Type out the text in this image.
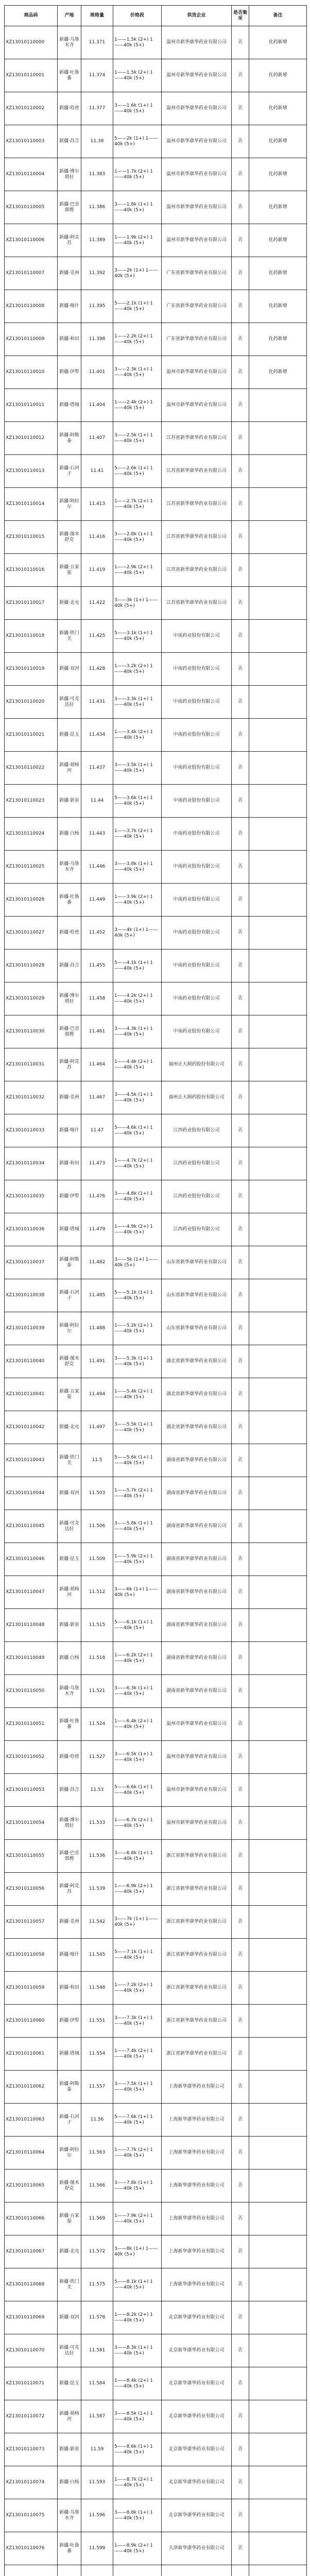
商品码	产地	规格量	价格段	供货企业	是否集采	备注
XZ13010110000	新疆·乌鲁木齐	11.371	1——1.5k (2+) 1——40k (5+)	温州市新华康华药业有限公司	否	化药新增
XZ13010110001	新疆·吐鲁番	11.374	1——1.5k (2+) 1——40k (5+)	温州市新华康华药业有限公司	否	化药新增
XZ13010110002	新疆·哈密	11.377	3——1.6k (1+) 1——40k (5+)	温州市新华康华药业有限公司	否	化药新增
XZ13010110003	新疆·昌吉	11.38	5——2k (1+) 1——40k (5+)	温州市新华康华药业有限公司	否	化药新增
XZ13010110004	新疆·博尔塔拉	11.383	1——1.7k (2+) 1——40k (5+)	温州市新华康华药业有限公司	否	化药新增
XZ13010110005	新疆·巴音郭楞	11.386	3——1.8k (1+) 1——40k (5+)	温州市新华康华药业有限公司	否	化药新增
XZ13010110006	新疆·阿克苏	11.389	1——1.9k (2+) 1——40k (5+)	温州市新华康华药业有限公司	否	化药新增
XZ13010110007	新疆·克州	11.392	3——2k (1+) 1——40k (5+)	广东省新华康华药业有限公司	否	化药新增
XZ13010110008	新疆·喀什	11.395	5——2.1k (1+) 1——40k (5+)	广东省新华康华药业有限公司	否	化药新增
XZ13010110009	新疆·和田	11.398	1——2.2k (2+) 1——40k (5+)	广东省新华康华药业有限公司	否	化药新增
XZ13010110010	新疆·伊犁	11.401	3——2.3k (1+) 1——40k (5+)	温州市新华康华药业有限公司	否	化药新增
XZ13010110011	新疆·塔城	11.404	1——2.4k (2+) 1——40k (5+)	温州市新华康华药业有限公司	否	
XZ13010110012	新疆·阿勒泰	11.407	3——2.5k (1+) 1——40k (5+)	江苏省新华康华药业有限公司	否	
XZ13010110013	新疆·石河子	11.41	5——2.6k (1+) 1——40k (5+)	江苏省新华康华药业有限公司	否	
XZ13010110014	新疆·阿拉尔	11.413	1——2.7k (2+) 1——40k (5+)	江苏省新华康华药业有限公司	否	
XZ13010110015	新疆·图木舒克	11.416	3——2.8k (1+) 1——40k (5+)	江苏省新华康华药业有限公司	否	
XZ13010110016	新疆·五家渠	11.419	1——2.9k (2+) 1——40k (5+)	江苏省新华康华药业有限公司	否	
XZ13010110017	新疆·北屯	11.422	3——3k (1+) 1——40k (5+)	江苏省新华康华药业有限公司	否	
XZ13010110018	新疆·铁门关	11.425	5——3.1k (1+) 1——40k (5+)	中南药业股份有限公司	否	
XZ13010110019	新疆·双河	11.428	1——3.2k (2+) 1——40k (5+)	中南药业股份有限公司	否	
XZ13010110020	新疆·可克达拉	11.431	3——3.3k (1+) 1——40k (5+)	中南药业股份有限公司	否	
XZ13010110021	新疆·昆玉	11.434	1——3.4k (2+) 1——40k (5+)	中南药业股份有限公司	否	
XZ13010110022	新疆·胡杨河	11.437	3——3.5k (1+) 1——40k (5+)	中南药业股份有限公司	否	
XZ13010110023	新疆·新星	11.44	5——3.6k (1+) 1——40k (5+)	中南药业股份有限公司	否	
XZ13010110024	新疆·白杨	11.443	1——3.7k (2+) 1——40k (5+)	中南药业股份有限公司	否	
XZ13010110025	新疆·乌鲁木齐	11.446	3——3.8k (1+) 1——40k (5+)	中南药业股份有限公司	否	
XZ13010110026	新疆·吐鲁番	11.449	1——3.9k (2+) 1——40k (5+)	中南药业股份有限公司	否	
XZ13010110027	新疆·哈密	11.452	3——4k (1+) 1——40k (5+)	中南药业股份有限公司	否	
XZ13010110028	新疆·昌吉	11.455	5——4.1k (1+) 1——40k (5+)	中南药业股份有限公司	否	
XZ13010110029	新疆·博尔塔拉	11.458	1——4.2k (2+) 1——40k (5+)	中南药业股份有限公司	否	
XZ13010110030	新疆·巴音郭楞	11.461	3——4.3k (1+) 1——40k (5+)	中南药业股份有限公司	否	
XZ13010110031	新疆·阿克苏	11.464	1——4.4k (2+) 1——40k (5+)	福州正大制药股份有限公司	否	
XZ13010110032	新疆·克州	11.467	3——4.5k (1+) 1——40k (5+)	福州正大制药股份有限公司	否	
XZ13010110033	新疆·喀什	11.47	5——4.6k (1+) 1——40k (5+)	江西药业股份有限公司	否	
XZ13010110034	新疆·和田	11.473	1——4.7k (2+) 1——40k (5+)	江西药业股份有限公司	否	
XZ13010110035	新疆·伊犁	11.476	3——4.8k (1+) 1——40k (5+)	江西药业股份有限公司	否	
XZ13010110036	新疆·塔城	11.479	1——4.9k (2+) 1——40k (5+)	江西药业股份有限公司	否	
XZ13010110037	新疆·阿勒泰	11.482	3——5k (1+) 1——40k (5+)	山东省新华康华药业有限公司	否	
XZ13010110038	新疆·石河子	11.485	5——5.1k (1+) 1——40k (5+)	山东省新华康华药业有限公司	否	
XZ13010110039	新疆·阿拉尔	11.488	1——5.2k (2+) 1——40k (5+)	山东省新华康华药业有限公司	否	
XZ13010110040	新疆·图木舒克	11.491	3——5.3k (1+) 1——40k (5+)	湖北省新华康华药业有限公司	否	
XZ13010110041	新疆·五家渠	11.494	1——5.4k (2+) 1——40k (5+)	湖北省新华康华药业有限公司	否	
XZ13010110042	新疆·北屯	11.497	3——5.5k (1+) 1——40k (5+)	湖北省新华康华药业有限公司	否	
XZ13010110043	新疆·铁门关	11.5	5——5.6k (1+) 1——40k (5+)	湖南省新华康华药业有限公司	否	
XZ13010110044	新疆·双河	11.503	1——5.7k (2+) 1——40k (5+)	湖南省新华康华药业有限公司	否	
XZ13010110045	新疆·可克达拉	11.506	3——5.8k (1+) 1——40k (5+)	湖南省新华康华药业有限公司	否	
XZ13010110046	新疆·昆玉	11.509	1——5.9k (2+) 1——40k (5+)	湖南省新华康华药业有限公司	否	
XZ13010110047	新疆·胡杨河	11.512	3——6k (1+) 1——40k (5+)	湖南省新华康华药业有限公司	否	
XZ13010110048	新疆·新星	11.515	5——6.1k (1+) 1——40k (5+)	湖南省新华康华药业有限公司	否	
XZ13010110049	新疆·白杨	11.518	1——6.2k (2+) 1——40k (5+)	湖南省新华康华药业有限公司	否	
XZ13010110050	新疆·乌鲁木齐	11.521	3——6.3k (1+) 1——40k (5+)	湖南省新华康华药业有限公司	否	
XZ13010110051	新疆·吐鲁番	11.524	1——6.4k (2+) 1——40k (5+)	温州市新华康华药业有限公司	否	
XZ13010110052	新疆·哈密	11.527	3——6.5k (1+) 1——40k (5+)	温州市新华康华药业有限公司	否	
XZ13010110053	新疆·昌吉	11.53	5——6.6k (1+) 1——40k (5+)	温州市新华康华药业有限公司	否	
XZ13010110054	新疆·博尔塔拉	11.533	1——6.7k (2+) 1——40k (5+)	温州市新华康华药业有限公司	否	
XZ13010110055	新疆·巴音郭楞	11.536	3——6.8k (1+) 1——40k (5+)	浙江省新华康华药业有限公司	否	
XZ13010110056	新疆·阿克苏	11.539	1——6.9k (2+) 1——40k (5+)	浙江省新华康华药业有限公司	否	
XZ13010110057	新疆·克州	11.542	3——7k (1+) 1——40k (5+)	浙江省新华康华药业有限公司	否	
XZ13010110058	新疆·喀什	11.545	5——7.1k (1+) 1——40k (5+)	浙江省新华康华药业有限公司	否	
XZ13010110059	新疆·和田	11.548	1——7.2k (2+) 1——40k (5+)	浙江省新华康华药业有限公司	否	
XZ13010110060	新疆·伊犁	11.551	3——7.3k (1+) 1——40k (5+)	浙江省新华康华药业有限公司	否	
XZ13010110061	新疆·塔城	11.554	1——7.4k (2+) 1——40k (5+)	浙江省新华康华药业有限公司	否	
XZ13010110062	新疆·阿勒泰	11.557	3——7.5k (1+) 1——40k (5+)	上海新华康华药业有限公司	否	
XZ13010110063	新疆·石河子	11.56	5——7.6k (1+) 1——40k (5+)	上海新华康华药业有限公司	否	
XZ13010110064	新疆·阿拉尔	11.563	1——7.7k (2+) 1——40k (5+)	上海新华康华药业有限公司	否	
XZ13010110065	新疆·图木舒克	11.566	3——7.8k (1+) 1——40k (5+)	上海新华康华药业有限公司	否	
XZ13010110066	新疆·五家渠	11.569	1——7.9k (2+) 1——40k (5+)	上海新华康华药业有限公司	否	
XZ13010110067	新疆·北屯	11.572	3——8k (1+) 1——40k (5+)	上海新华康华药业有限公司	否	
XZ13010110068	新疆·铁门关	11.575	5——8.1k (1+) 1——40k (5+)	上海新华康华药业有限公司	否	
XZ13010110069	新疆·双河	11.578	1——8.2k (2+) 1——40k (5+)	北京新华康华药业有限公司	否	
XZ13010110070	新疆·可克达拉	11.581	3——8.3k (1+) 1——40k (5+)	北京新华康华药业有限公司	否	
XZ13010110071	新疆·昆玉	11.584	1——8.4k (2+) 1——40k (5+)	北京新华康华药业有限公司	否	
XZ13010110072	新疆·胡杨河	11.587	3——8.5k (1+) 1——40k (5+)	北京新华康华药业有限公司	否	
XZ13010110073	新疆·新星	11.59	5——8.6k (1+) 1——40k (5+)	北京新华康华药业有限公司	否	
XZ13010110074	新疆·白杨	11.593	1——8.7k (2+) 1——40k (5+)	北京新华康华药业有限公司	否	
XZ13010110075	新疆·乌鲁木齐	11.596	3——8.8k (1+) 1——40k (5+)	北京新华康华药业有限公司	否	
XZ13010110076	新疆·吐鲁番	11.599	1——8.9k (2+) 1——40k (5+)	天津新华康华药业有限公司	否	
